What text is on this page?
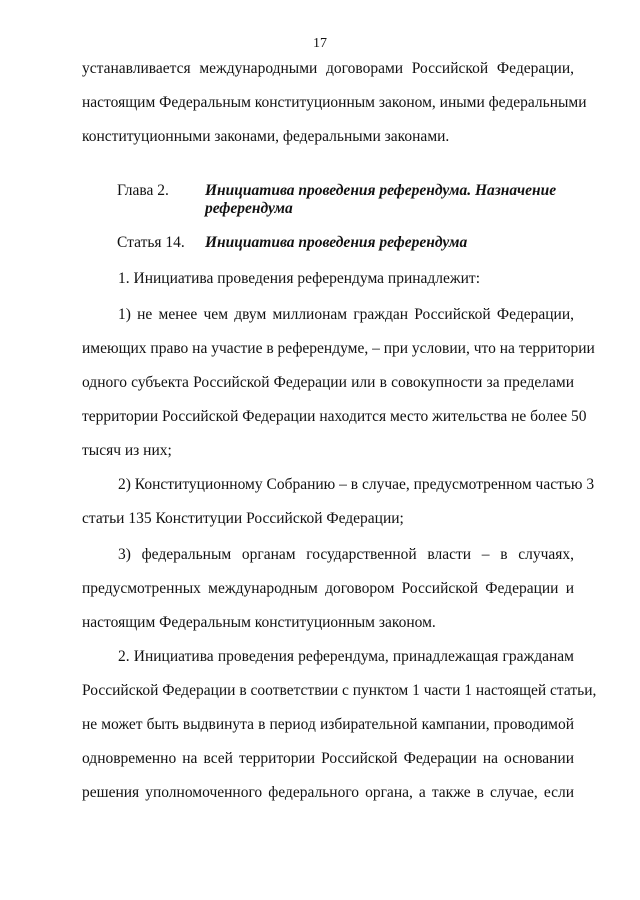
17
устанавливается международными договорами Российской Федерации,
настоящим Федеральным конституционным законом, иными федеральными
конституционными законами, федеральными законами.
Глава 2. Инициатива проведения референдума. Назначение
референдума
Статья 14. Инициатива проведения референдума
1. Инициатива проведения референдума принадлежит:
1) не менее чем двум миллионам граждан Российской Федерации,
имеющих право на участие в референдуме, – при условии, что на территории
одного субъекта Российской Федерации или в совокупности за пределами
территории Российской Федерации находится место жительства не более 50
тысяч из них;
2) Конституционному Собранию – в случае, предусмотренном частью 3
статьи 135 Конституции Российской Федерации;
3) федеральным органам государственной власти – в случаях,
предусмотренных международным договором Российской Федерации и
настоящим Федеральным конституционным законом.
2. Инициатива проведения референдума, принадлежащая гражданам
Российской Федерации в соответствии с пунктом 1 части 1 настоящей статьи,
не может быть выдвинута в период избирательной кампании, проводимой
одновременно на всей территории Российской Федерации на основании
решения уполномоченного федерального органа, а также в случае, если
